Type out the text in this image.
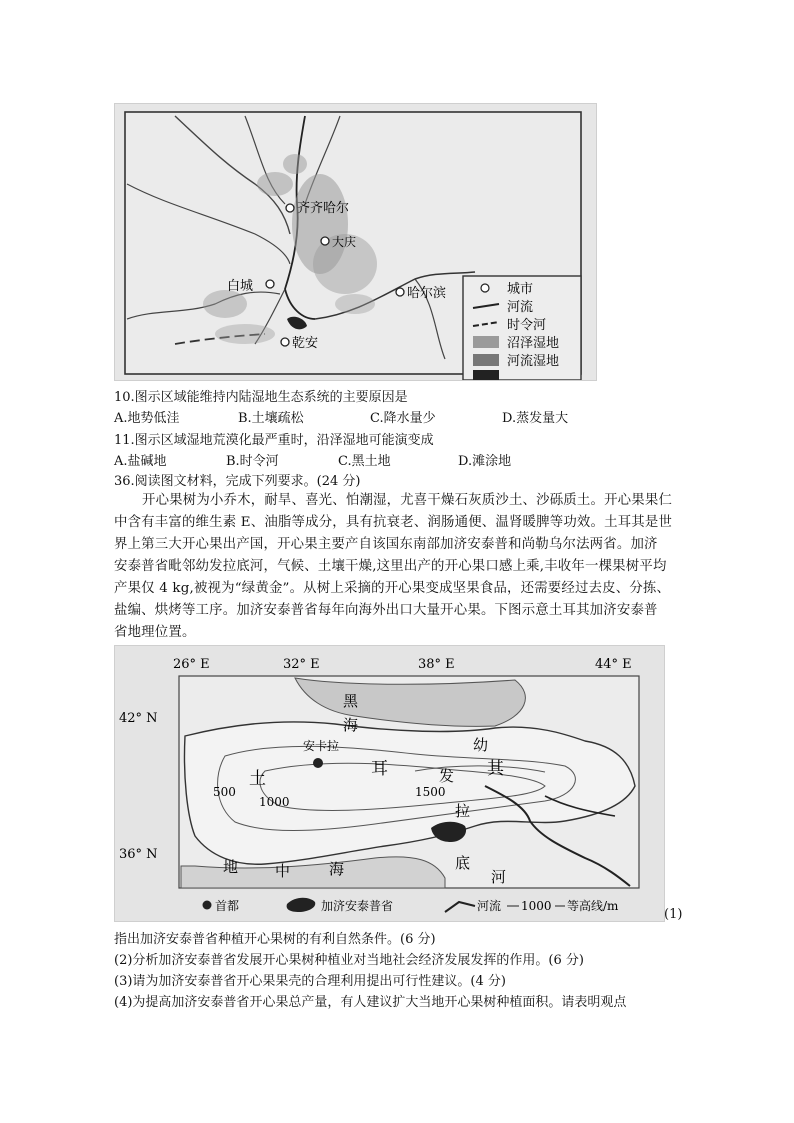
齐齐哈尔
大庆
白城	哈尔滨
乾安
城市
河流
时令河
沼泽湿地
河流湿地
10.图示区域能维持内陆湿地生态系统的主要原因是
A.地势低洼	B.土壤疏松	C.降水量少	D.蒸发量大
11.图示区域湿地荒漠化最严重时，沿泽湿地可能演变成
A.盐碱地	B.时令河	C.黑土地	D.滩涂地
36.阅读图文材料，完成下列要求。(24 分)
开心果树为小乔木，耐旱、喜光、怕潮湿，尤喜干燥石灰质沙土、沙砾质土。开心果果仁
中含有丰富的维生素 E、油脂等成分，具有抗衰老、润肠通便、温肾暖脾等功效。土耳其是世
界上第三大开心果出产国，开心果主要产自该国东南部加济安泰普和尚勒乌尔法两省。加济
安泰普省毗邻幼发拉底河，气候、土壤干燥,这里出产的开心果口感上乘,丰收年一棵果树平均
产果仅 4 kg,被视为“绿黄金”。从树上采摘的开心果变成坚果食品，还需要经过去皮、分拣、
盐编、烘烤等工序。加济安泰普省每年向海外出口大量开心果。下图示意土耳其加济安泰普
省地理位置。
26° E	32° E	38° E	44° E
42° N
36° N
黑
海
安卡拉
土	耳	其
幼
发
拉
底
河
地 中	海
500
1000
1500
首都	加济安泰普省	河流 1000 等高线/m
(1)
指出加济安泰普省种植开心果树的有利自然条件。(6 分)
(2)分析加济安泰普省发展开心果树种植业对当地社会经济发展发挥的作用。(6 分)
(3)请为加济安泰普省开心果果壳的合理利用提出可行性建议。(4 分)
(4)为提高加济安泰普省开心果总产量，有人建议扩大当地开心果树种植面积。请表明观点
